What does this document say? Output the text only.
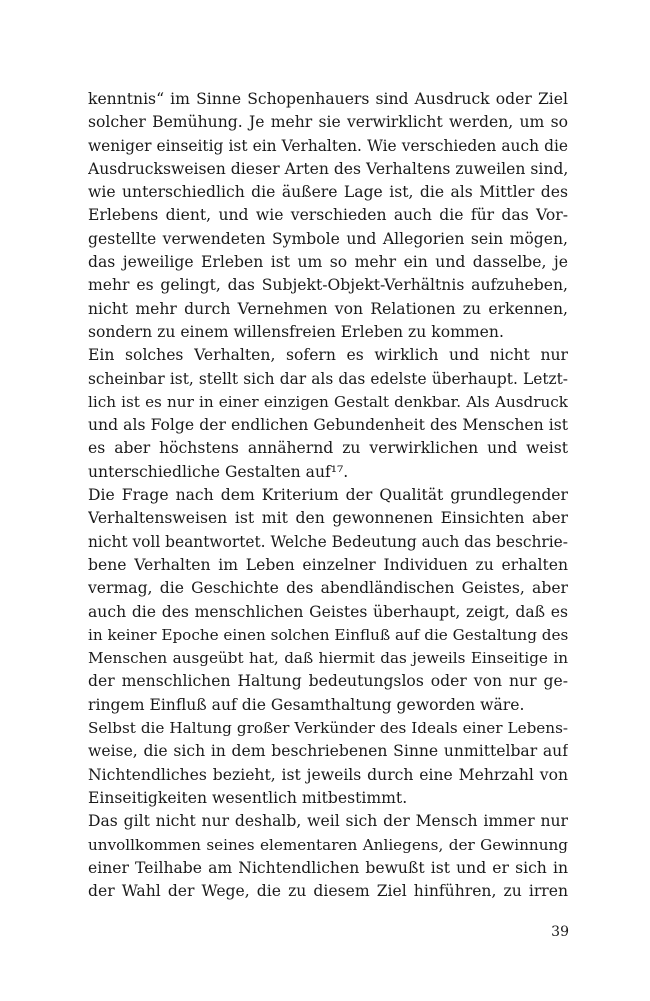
kenntnis“ im Sinne Schopenhauers sind Ausdruck oder Ziel
solcher Bemühung. Je mehr sie verwirklicht werden, um so
weniger einseitig ist ein Verhalten. Wie verschieden auch die
Ausdrucksweisen dieser Arten des Verhaltens zuweilen sind,
wie unterschiedlich die äußere Lage ist, die als Mittler des
Erlebens dient, und wie verschieden auch die für das Vor-
gestellte verwendeten Symbole und Allegorien sein mögen,
das jeweilige Erleben ist um so mehr ein und dasselbe, je
mehr es gelingt, das Subjekt-Objekt-Verhältnis aufzuheben,
nicht mehr durch Vernehmen von Relationen zu erkennen,
sondern zu einem willensfreien Erleben zu kommen.
Ein solches Verhalten, sofern es wirklich und nicht nur
scheinbar ist, stellt sich dar als das edelste überhaupt. Letzt-
lich ist es nur in einer einzigen Gestalt denkbar. Als Ausdruck
und als Folge der endlichen Gebundenheit des Menschen ist
es aber höchstens annähernd zu verwirklichen und weist
unterschiedliche Gestalten auf¹⁷.
Die Frage nach dem Kriterium der Qualität grundlegender
Verhaltensweisen ist mit den gewonnenen Einsichten aber
nicht voll beantwortet. Welche Bedeutung auch das beschrie-
bene Verhalten im Leben einzelner Individuen zu erhalten
vermag, die Geschichte des abendländischen Geistes, aber
auch die des menschlichen Geistes überhaupt, zeigt, daß es
in keiner Epoche einen solchen Einfluß auf die Gestaltung des
Menschen ausgeübt hat, daß hiermit das jeweils Einseitige in
der menschlichen Haltung bedeutungslos oder von nur ge-
ringem Einfluß auf die Gesamthaltung geworden wäre.
Selbst die Haltung großer Verkünder des Ideals einer Lebens-
weise, die sich in dem beschriebenen Sinne unmittelbar auf
Nichtendliches bezieht, ist jeweils durch eine Mehrzahl von
Einseitigkeiten wesentlich mitbestimmt.
Das gilt nicht nur deshalb, weil sich der Mensch immer nur
unvollkommen seines elementaren Anliegens, der Gewinnung
einer Teilhabe am Nichtendlichen bewußt ist und er sich in
der Wahl der Wege, die zu diesem Ziel hinführen, zu irren
39
